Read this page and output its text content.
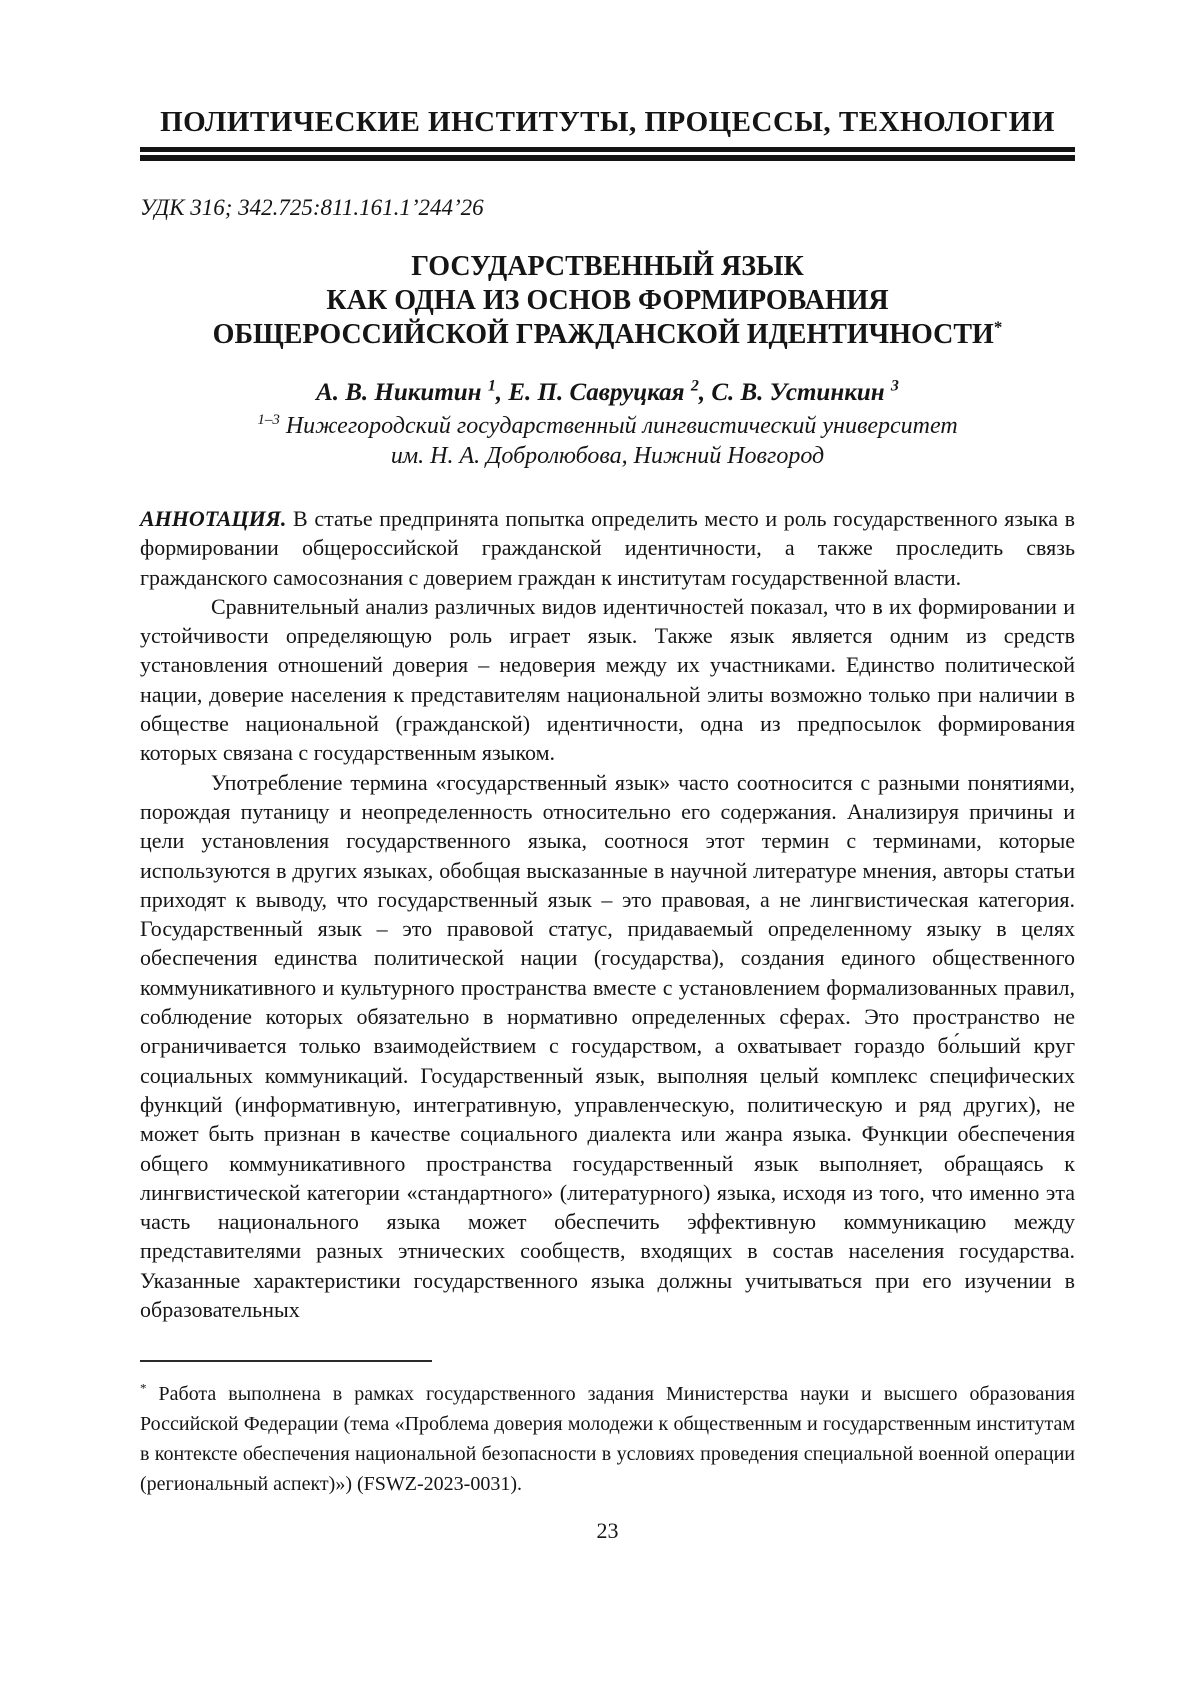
ПОЛИТИЧЕСКИЕ ИНСТИТУТЫ, ПРОЦЕССЫ, ТЕХНОЛОГИИ
УДК 316; 342.725:811.161.1’244’26
ГОСУДАРСТВЕННЫЙ ЯЗЫК
КАК ОДНА ИЗ ОСНОВ ФОРМИРОВАНИЯ
ОБЩЕРОССИЙСКОЙ ГРАЖДАНСКОЙ ИДЕНТИЧНОСТИ*
А. В. Никитин $^1$, Е. П. Савруцкая $^2$, С. В. Устинкин $^3$
$^{1-3}$ Нижегородский государственный лингвистический университет
им. Н. А. Добролюбова, Нижний Новгород

АННОТАЦИЯ. В статье предпринята попытка определить место и роль государственного языка в формировании общероссийской гражданской идентичности, а также проследить связь гражданского самосознания с доверием граждан к институтам государственной власти.

Сравнительный анализ различных видов идентичностей показал, что в их формировании и устойчивости определяющую роль играет язык. Также язык является одним из средств установления отношений доверия – недоверия между их участниками. Единство политической нации, доверие населения к представителям национальной элиты возможно только при наличии в обществе национальной (гражданской) идентичности, одна из предпосылок формирования которых связана с государственным языком.

Употребление термина «государственный язык» часто соотносится с разными понятиями, порождая путаницу и неопределенность относительно его содержания. Анализируя причины и цели установления государственного языка, соотнося этот термин с терминами, которые используются в других языках, обобщая высказанные в научной литературе мнения, авторы статьи приходят к выводу, что государственный язык – это правовая, а не лингвистическая категория. Государственный язык – это правовой статус, придаваемый определенному языку в целях обеспечения единства политической нации (государства), создания единого общественного коммуникативного и культурного пространства вместе с установлением формализованных правил, соблюдение которых обязательно в нормативно определенных сферах. Это пространство не ограничивается только взаимодействием с государством, а охватывает гораздо бо́льший круг социальных коммуникаций. Государственный язык, выполняя целый комплекс специфических функций (информативную, интегративную, управленческую, политическую и ряд других), не может быть признан в качестве социального диалекта или жанра языка. Функции обеспечения общего коммуникативного пространства государственный язык выполняет, обращаясь к лингвистической категории «стандартного» (литературного) языка, исходя из того, что именно эта часть национального языка может обеспечить эффективную коммуникацию между представителями разных этнических сообществ, входящих в состав населения государства. Указанные характеристики государственного языка должны учитываться при его изучении в образовательных

* Работа выполнена в рамках государственного задания Министерства науки и высшего образования Российской Федерации (тема «Проблема доверия молодежи к общественным и государственным институтам в контексте обеспечения национальной безопасности в условиях проведения специальной военной операции (региональный аспект)») (FSWZ-2023-0031).

23
